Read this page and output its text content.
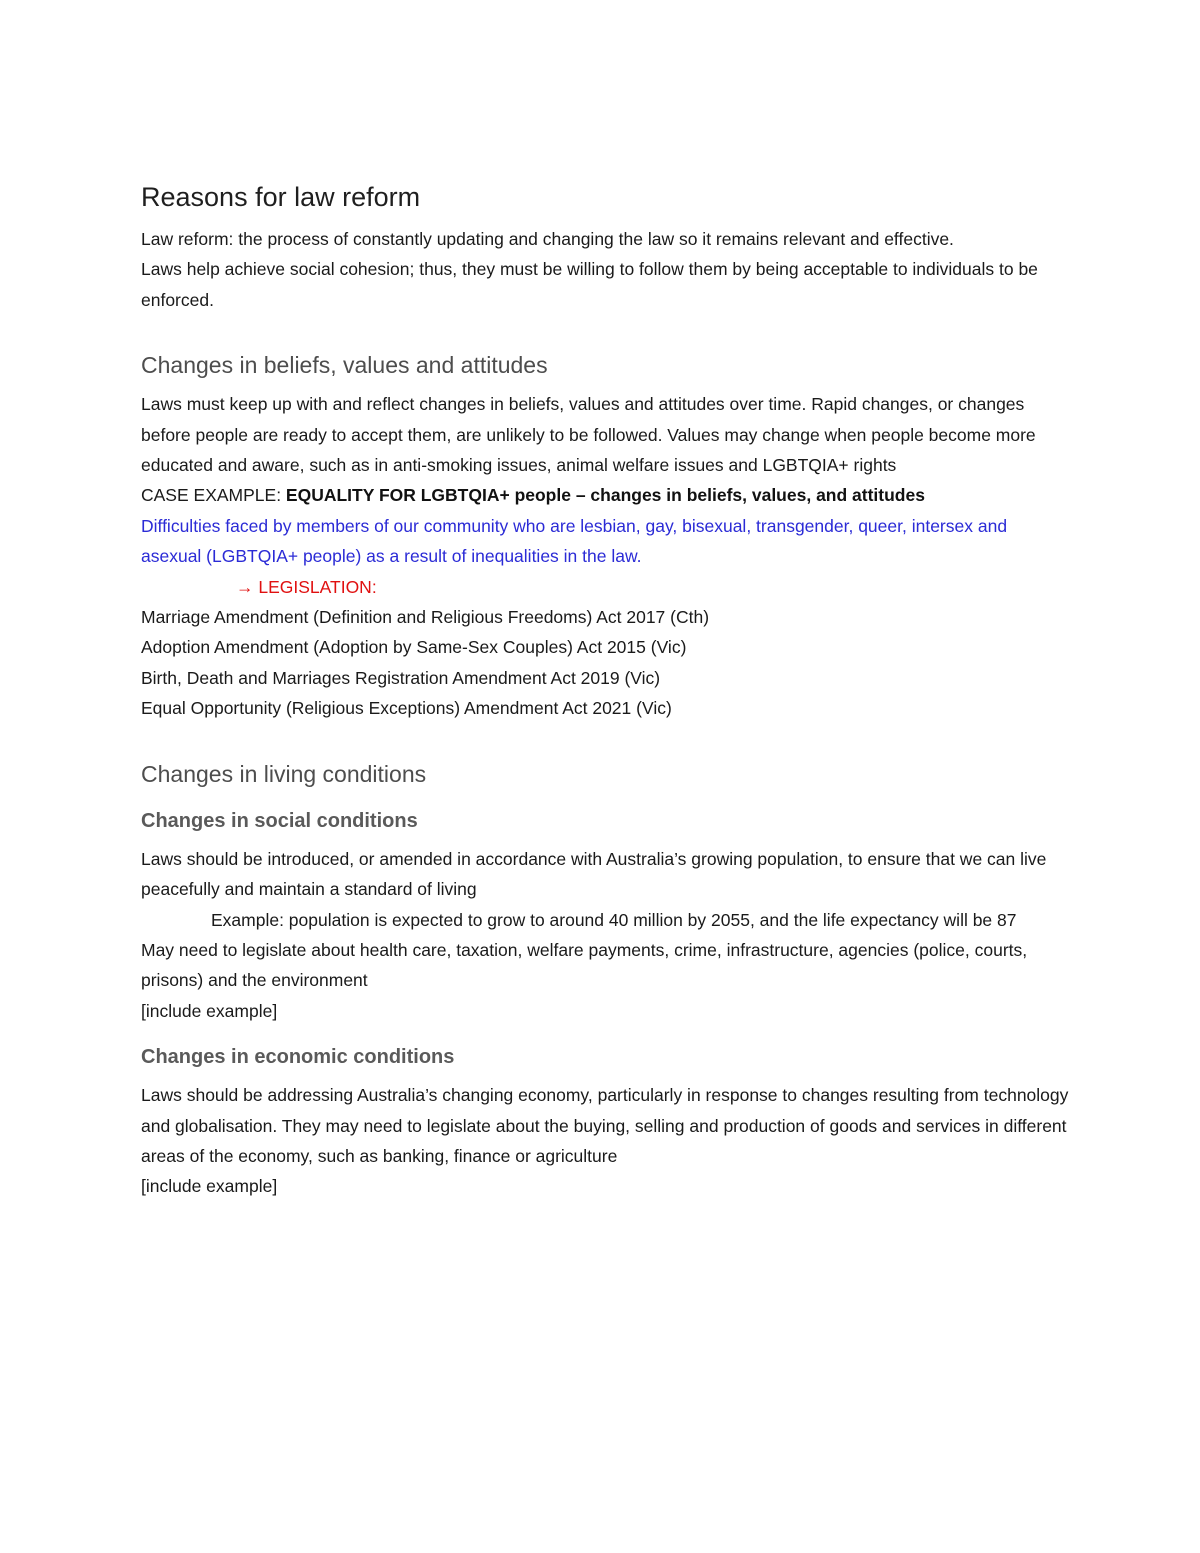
Reasons for law reform

Law reform: the process of constantly updating and changing the law so it remains relevant and effective.

Laws help achieve social cohesion; thus, they must be willing to follow them by being acceptable to individuals to be enforced.

Changes in beliefs, values and attitudes

Laws must keep up with and reflect changes in beliefs, values and attitudes over time. Rapid changes, or changes before people are ready to accept them, are unlikely to be followed. Values may change when people become more educated and aware, such as in anti-smoking issues, animal welfare issues and LGBTQIA+ rights

CASE EXAMPLE: EQUALITY FOR LGBTQIA+ people – changes in beliefs, values, and attitudes

Difficulties faced by members of our community who are lesbian, gay, bisexual, transgender, queer, intersex and asexual (LGBTQIA+ people) as a result of inequalities in the law.

→ LEGISLATION:

Marriage Amendment (Definition and Religious Freedoms) Act 2017 (Cth)

Adoption Amendment (Adoption by Same-Sex Couples) Act 2015 (Vic)

Birth, Death and Marriages Registration Amendment Act 2019 (Vic)

Equal Opportunity (Religious Exceptions) Amendment Act 2021 (Vic)

Changes in living conditions
Changes in social conditions

Laws should be introduced, or amended in accordance with Australia’s growing population, to ensure that we can live peacefully and maintain a standard of living

Example: population is expected to grow to around 40 million by 2055, and the life expectancy will be 87

May need to legislate about health care, taxation, welfare payments, crime, infrastructure, agencies (police, courts, prisons) and the environment

[include example]

Changes in economic conditions

Laws should be addressing Australia’s changing economy, particularly in response to changes resulting from technology and globalisation. They may need to legislate about the buying, selling and production of goods and services in different areas of the economy, such as banking, finance or agriculture

[include example]
